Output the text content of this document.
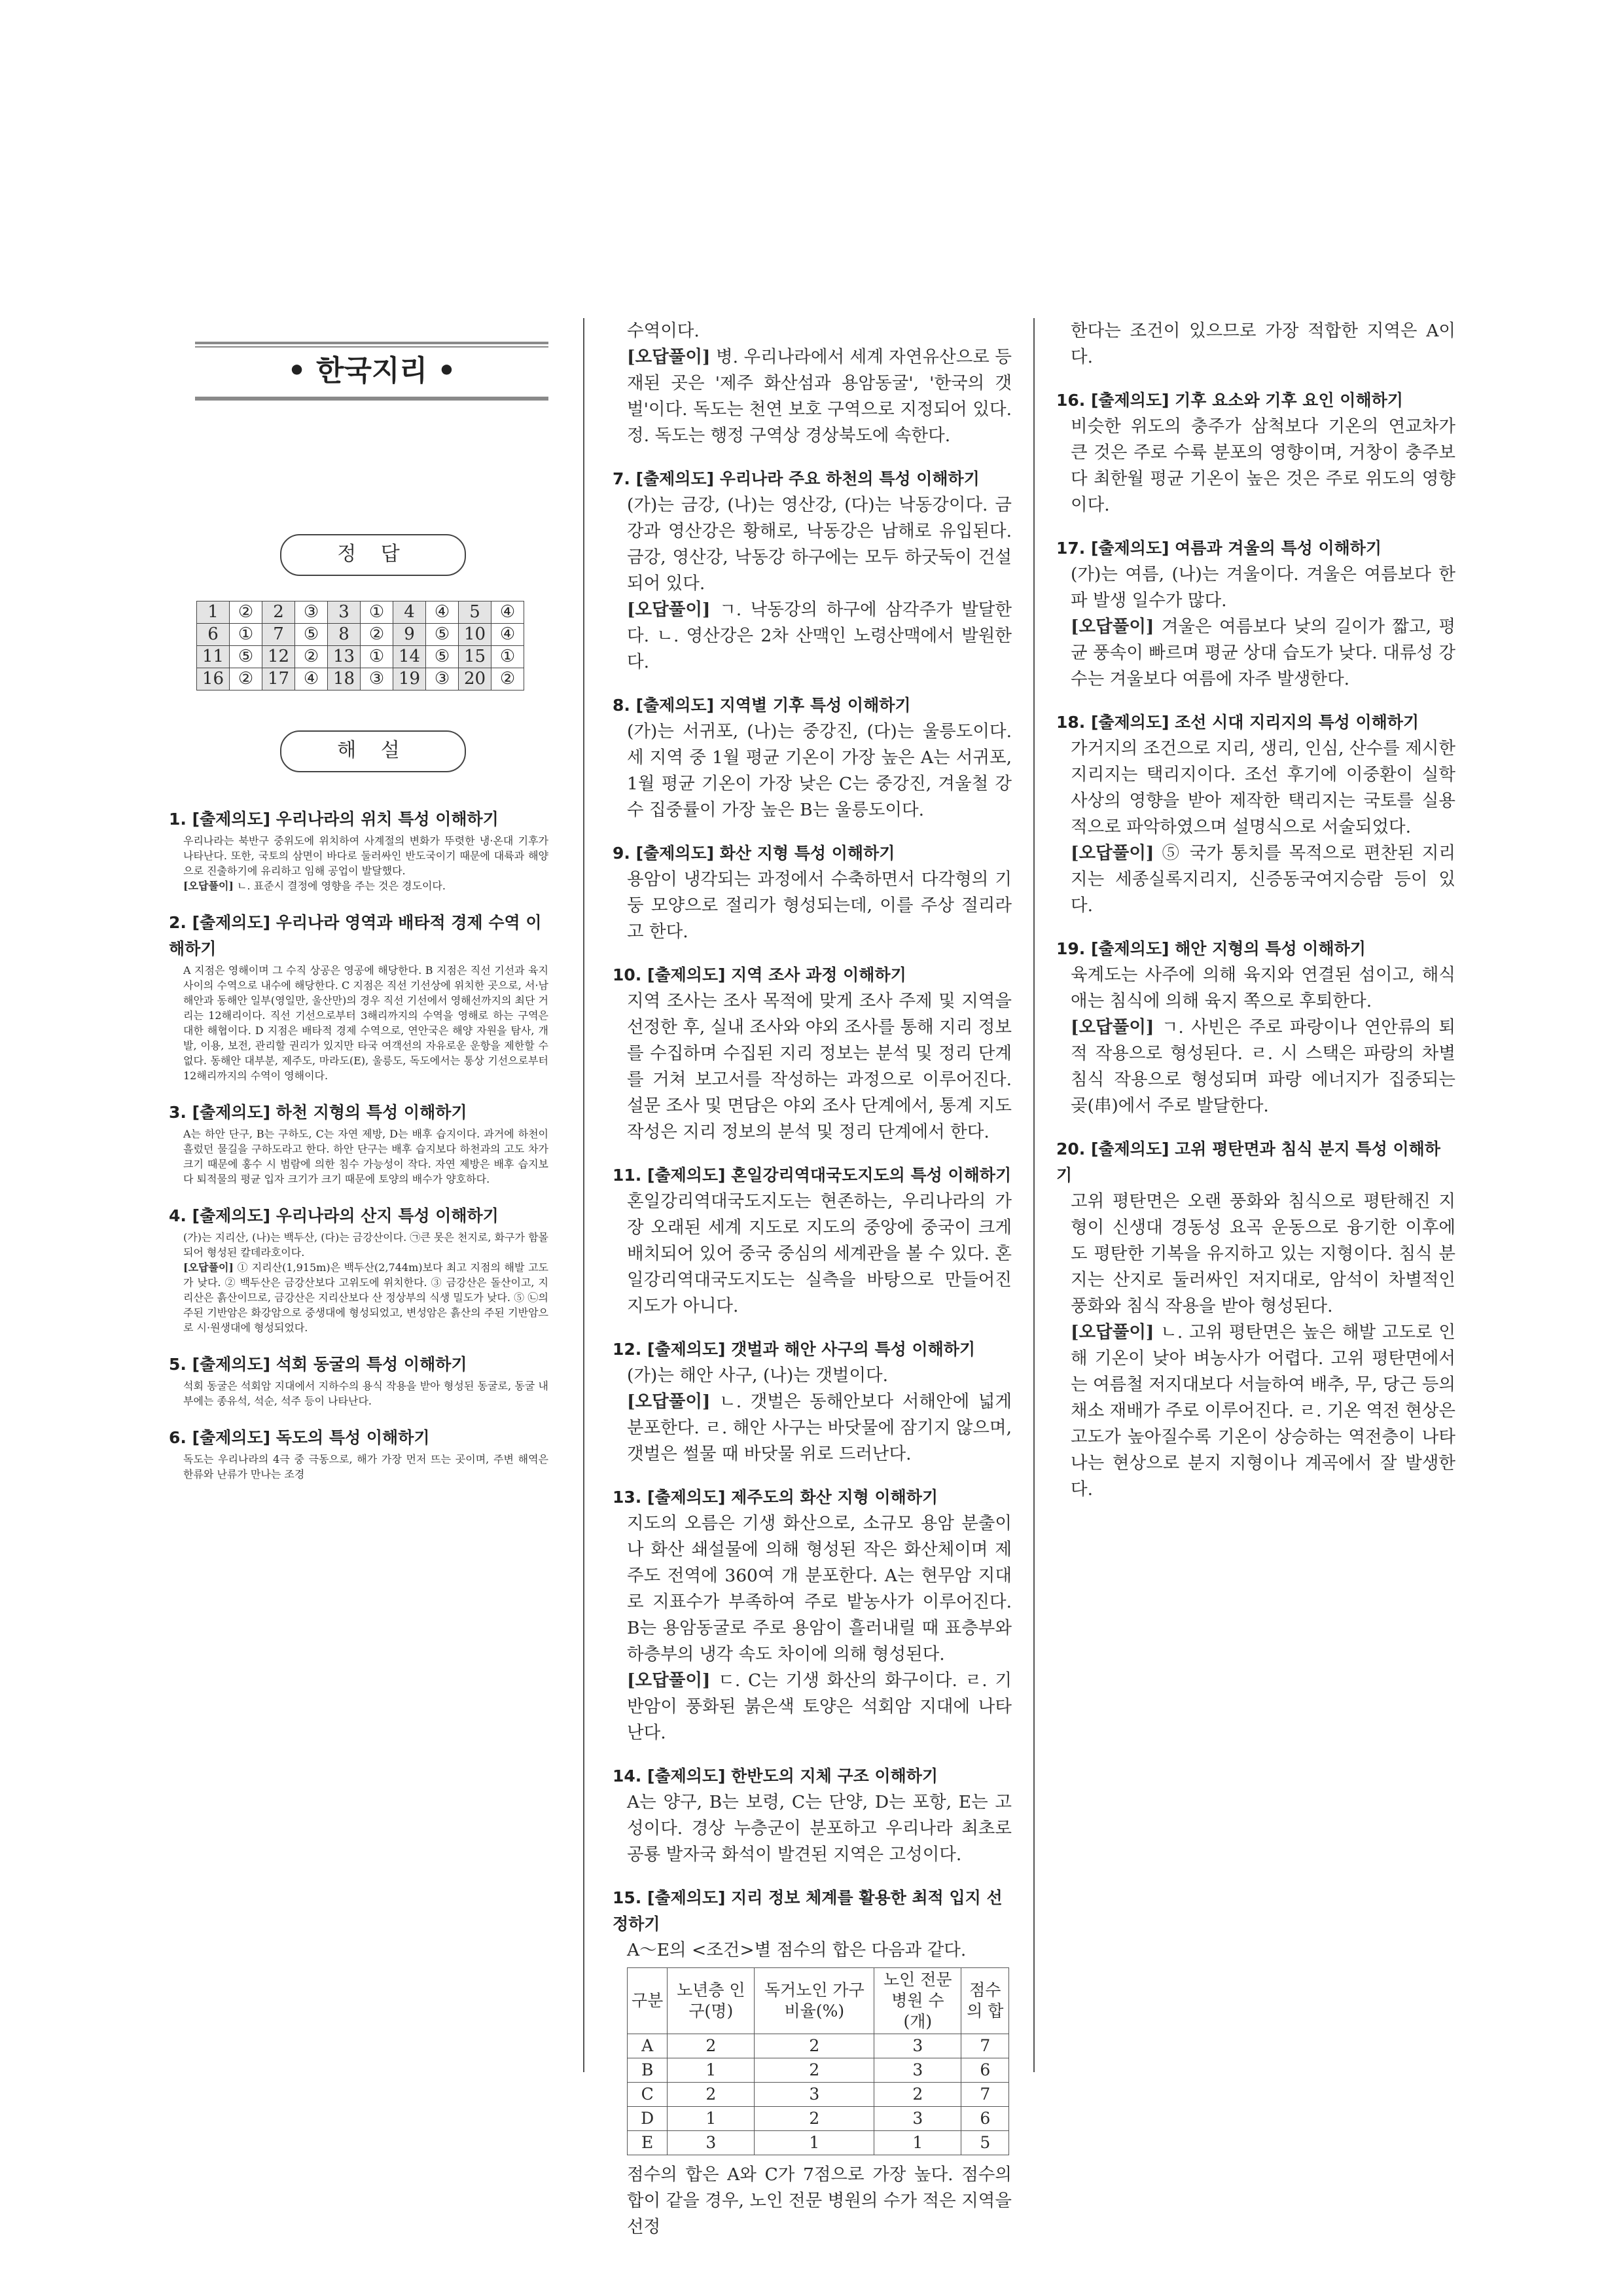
• 한국지리 •
정 답
1	②	2	③	3	①	4	④	5	④
6	①	7	⑤	8	②	9	⑤	10	④
11	⑤	12	②	13	①	14	⑤	15	①
16	②	17	④	18	③	19	③	20	②
해 설
1. [출제의도] 우리나라의 위치 특성 이해하기
우리나라는 북반구 중위도에 위치하여 사계절의 변화가 뚜렷한 냉·온대 기후가 나타난다. 또한, 국토의 삼면이 바다로 둘러싸인 반도국이기 때문에 대륙과 해양으로 진출하기에 유리하고 임해 공업이 발달했다.
[오답풀이] ㄴ. 표준시 결정에 영향을 주는 것은 경도이다.
2. [출제의도] 우리나라 영역과 배타적 경제 수역 이해하기
A 지점은 영해이며 그 수직 상공은 영공에 해당한다. B 지점은 직선 기선과 육지 사이의 수역으로 내수에 해당한다. C 지점은 직선 기선상에 위치한 곳으로, 서·남해안과 동해안 일부(영일만, 울산만)의 경우 직선 기선에서 영해선까지의 최단 거리는 12해리이다. 직선 기선으로부터 3해리까지의 수역을 영해로 하는 구역은 대한 해협이다. D 지점은 배타적 경제 수역으로, 연안국은 해양 자원을 탐사, 개발, 이용, 보전, 관리할 권리가 있지만 타국 여객선의 자유로운 운항을 제한할 수 없다. 동해안 대부분, 제주도, 마라도(E), 울릉도, 독도에서는 통상 기선으로부터 12해리까지의 수역이 영해이다.
3. [출제의도] 하천 지형의 특성 이해하기
A는 하안 단구, B는 구하도, C는 자연 제방, D는 배후 습지이다. 과거에 하천이 흘렀던 물길을 구하도라고 한다. 하안 단구는 배후 습지보다 하천과의 고도 차가 크기 때문에 홍수 시 범람에 의한 침수 가능성이 작다. 자연 제방은 배후 습지보다 퇴적물의 평균 입자 크기가 크기 때문에 토양의 배수가 양호하다.
4. [출제의도] 우리나라의 산지 특성 이해하기
(가)는 지리산, (나)는 백두산, (다)는 금강산이다. ㉠큰 못은 천지로, 화구가 함몰되어 형성된 칼데라호이다.
[오답풀이] ① 지리산(1,915m)은 백두산(2,744m)보다 최고 지점의 해발 고도가 낮다. ② 백두산은 금강산보다 고위도에 위치한다. ③ 금강산은 돌산이고, 지리산은 흙산이므로, 금강산은 지리산보다 산 정상부의 식생 밀도가 낮다. ⑤ ㉡의 주된 기반암은 화강암으로 중생대에 형성되었고, 변성암은 흙산의 주된 기반암으로 시·원생대에 형성되었다.
5. [출제의도] 석회 동굴의 특성 이해하기
석회 동굴은 석회암 지대에서 지하수의 용식 작용을 받아 형성된 동굴로, 동굴 내부에는 종유석, 석순, 석주 등이 나타난다.
6. [출제의도] 독도의 특성 이해하기
독도는 우리나라의 4극 중 극동으로, 해가 가장 먼저 뜨는 곳이며, 주변 해역은 한류와 난류가 만나는 조경
수역이다.
[오답풀이] 병. 우리나라에서 세계 자연유산으로 등재된 곳은 '제주 화산섬과 용암동굴', '한국의 갯벌'이다. 독도는 천연 보호 구역으로 지정되어 있다. 정. 독도는 행정 구역상 경상북도에 속한다.
7. [출제의도] 우리나라 주요 하천의 특성 이해하기
(가)는 금강, (나)는 영산강, (다)는 낙동강이다. 금강과 영산강은 황해로, 낙동강은 남해로 유입된다. 금강, 영산강, 낙동강 하구에는 모두 하굿둑이 건설되어 있다.
[오답풀이] ㄱ. 낙동강의 하구에 삼각주가 발달한다. ㄴ. 영산강은 2차 산맥인 노령산맥에서 발원한다.
8. [출제의도] 지역별 기후 특성 이해하기
(가)는 서귀포, (나)는 중강진, (다)는 울릉도이다. 세 지역 중 1월 평균 기온이 가장 높은 A는 서귀포, 1월 평균 기온이 가장 낮은 C는 중강진, 겨울철 강수 집중률이 가장 높은 B는 울릉도이다.
9. [출제의도] 화산 지형 특성 이해하기
용암이 냉각되는 과정에서 수축하면서 다각형의 기둥 모양으로 절리가 형성되는데, 이를 주상 절리라고 한다.
10. [출제의도] 지역 조사 과정 이해하기
지역 조사는 조사 목적에 맞게 조사 주제 및 지역을 선정한 후, 실내 조사와 야외 조사를 통해 지리 정보를 수집하며 수집된 지리 정보는 분석 및 정리 단계를 거쳐 보고서를 작성하는 과정으로 이루어진다. 설문 조사 및 면담은 야외 조사 단계에서, 통계 지도 작성은 지리 정보의 분석 및 정리 단계에서 한다.
11. [출제의도] 혼일강리역대국도지도의 특성 이해하기
혼일강리역대국도지도는 현존하는, 우리나라의 가장 오래된 세계 지도로 지도의 중앙에 중국이 크게 배치되어 있어 중국 중심의 세계관을 볼 수 있다. 혼일강리역대국도지도는 실측을 바탕으로 만들어진 지도가 아니다.
12. [출제의도] 갯벌과 해안 사구의 특성 이해하기
(가)는 해안 사구, (나)는 갯벌이다.
[오답풀이] ㄴ. 갯벌은 동해안보다 서해안에 넓게 분포한다. ㄹ. 해안 사구는 바닷물에 잠기지 않으며, 갯벌은 썰물 때 바닷물 위로 드러난다.
13. [출제의도] 제주도의 화산 지형 이해하기
지도의 오름은 기생 화산으로, 소규모 용암 분출이나 화산 쇄설물에 의해 형성된 작은 화산체이며 제주도 전역에 360여 개 분포한다. A는 현무암 지대로 지표수가 부족하여 주로 밭농사가 이루어진다. B는 용암동굴로 주로 용암이 흘러내릴 때 표층부와 하층부의 냉각 속도 차이에 의해 형성된다.
[오답풀이] ㄷ. C는 기생 화산의 화구이다. ㄹ. 기반암이 풍화된 붉은색 토양은 석회암 지대에 나타난다.
14. [출제의도] 한반도의 지체 구조 이해하기
A는 양구, B는 보령, C는 단양, D는 포항, E는 고성이다. 경상 누층군이 분포하고 우리나라 최초로 공룡 발자국 화석이 발견된 지역은 고성이다.
15. [출제의도] 지리 정보 체계를 활용한 최적 입지 선정하기
A～E의 <조건>별 점수의 합은 다음과 같다.
구분	노년층 인구(명)	독거노인 가구 비율(%)	노인 전문 병원 수(개)	점수의 합
A	2	2	3	7
B	1	2	3	6
C	2	3	2	7
D	1	2	3	6
E	3	1	1	5
점수의 합은 A와 C가 7점으로 가장 높다. 점수의 합이 같을 경우, 노인 전문 병원의 수가 적은 지역을 선정
한다는 조건이 있으므로 가장 적합한 지역은 A이다.
16. [출제의도] 기후 요소와 기후 요인 이해하기
비슷한 위도의 충주가 삼척보다 기온의 연교차가 큰 것은 주로 수륙 분포의 영향이며, 거창이 충주보다 최한월 평균 기온이 높은 것은 주로 위도의 영향이다.
17. [출제의도] 여름과 겨울의 특성 이해하기
(가)는 여름, (나)는 겨울이다. 겨울은 여름보다 한파 발생 일수가 많다.
[오답풀이] 겨울은 여름보다 낮의 길이가 짧고, 평균 풍속이 빠르며 평균 상대 습도가 낮다. 대류성 강수는 겨울보다 여름에 자주 발생한다.
18. [출제의도] 조선 시대 지리지의 특성 이해하기
가거지의 조건으로 지리, 생리, 인심, 산수를 제시한 지리지는 택리지이다. 조선 후기에 이중환이 실학사상의 영향을 받아 제작한 택리지는 국토를 실용적으로 파악하였으며 설명식으로 서술되었다.
[오답풀이] ⑤ 국가 통치를 목적으로 편찬된 지리지는 세종실록지리지, 신증동국여지승람 등이 있다.
19. [출제의도] 해안 지형의 특성 이해하기
육계도는 사주에 의해 육지와 연결된 섬이고, 해식애는 침식에 의해 육지 쪽으로 후퇴한다.
[오답풀이] ㄱ. 사빈은 주로 파랑이나 연안류의 퇴적 작용으로 형성된다. ㄹ. 시 스택은 파랑의 차별 침식 작용으로 형성되며 파랑 에너지가 집중되는 곶(串)에서 주로 발달한다.
20. [출제의도] 고위 평탄면과 침식 분지 특성 이해하기
고위 평탄면은 오랜 풍화와 침식으로 평탄해진 지형이 신생대 경동성 요곡 운동으로 융기한 이후에도 평탄한 기복을 유지하고 있는 지형이다. 침식 분지는 산지로 둘러싸인 저지대로, 암석이 차별적인 풍화와 침식 작용을 받아 형성된다.
[오답풀이] ㄴ. 고위 평탄면은 높은 해발 고도로 인해 기온이 낮아 벼농사가 어렵다. 고위 평탄면에서는 여름철 저지대보다 서늘하여 배추, 무, 당근 등의 채소 재배가 주로 이루어진다. ㄹ. 기온 역전 현상은 고도가 높아질수록 기온이 상승하는 역전층이 나타나는 현상으로 분지 지형이나 계곡에서 잘 발생한다.
